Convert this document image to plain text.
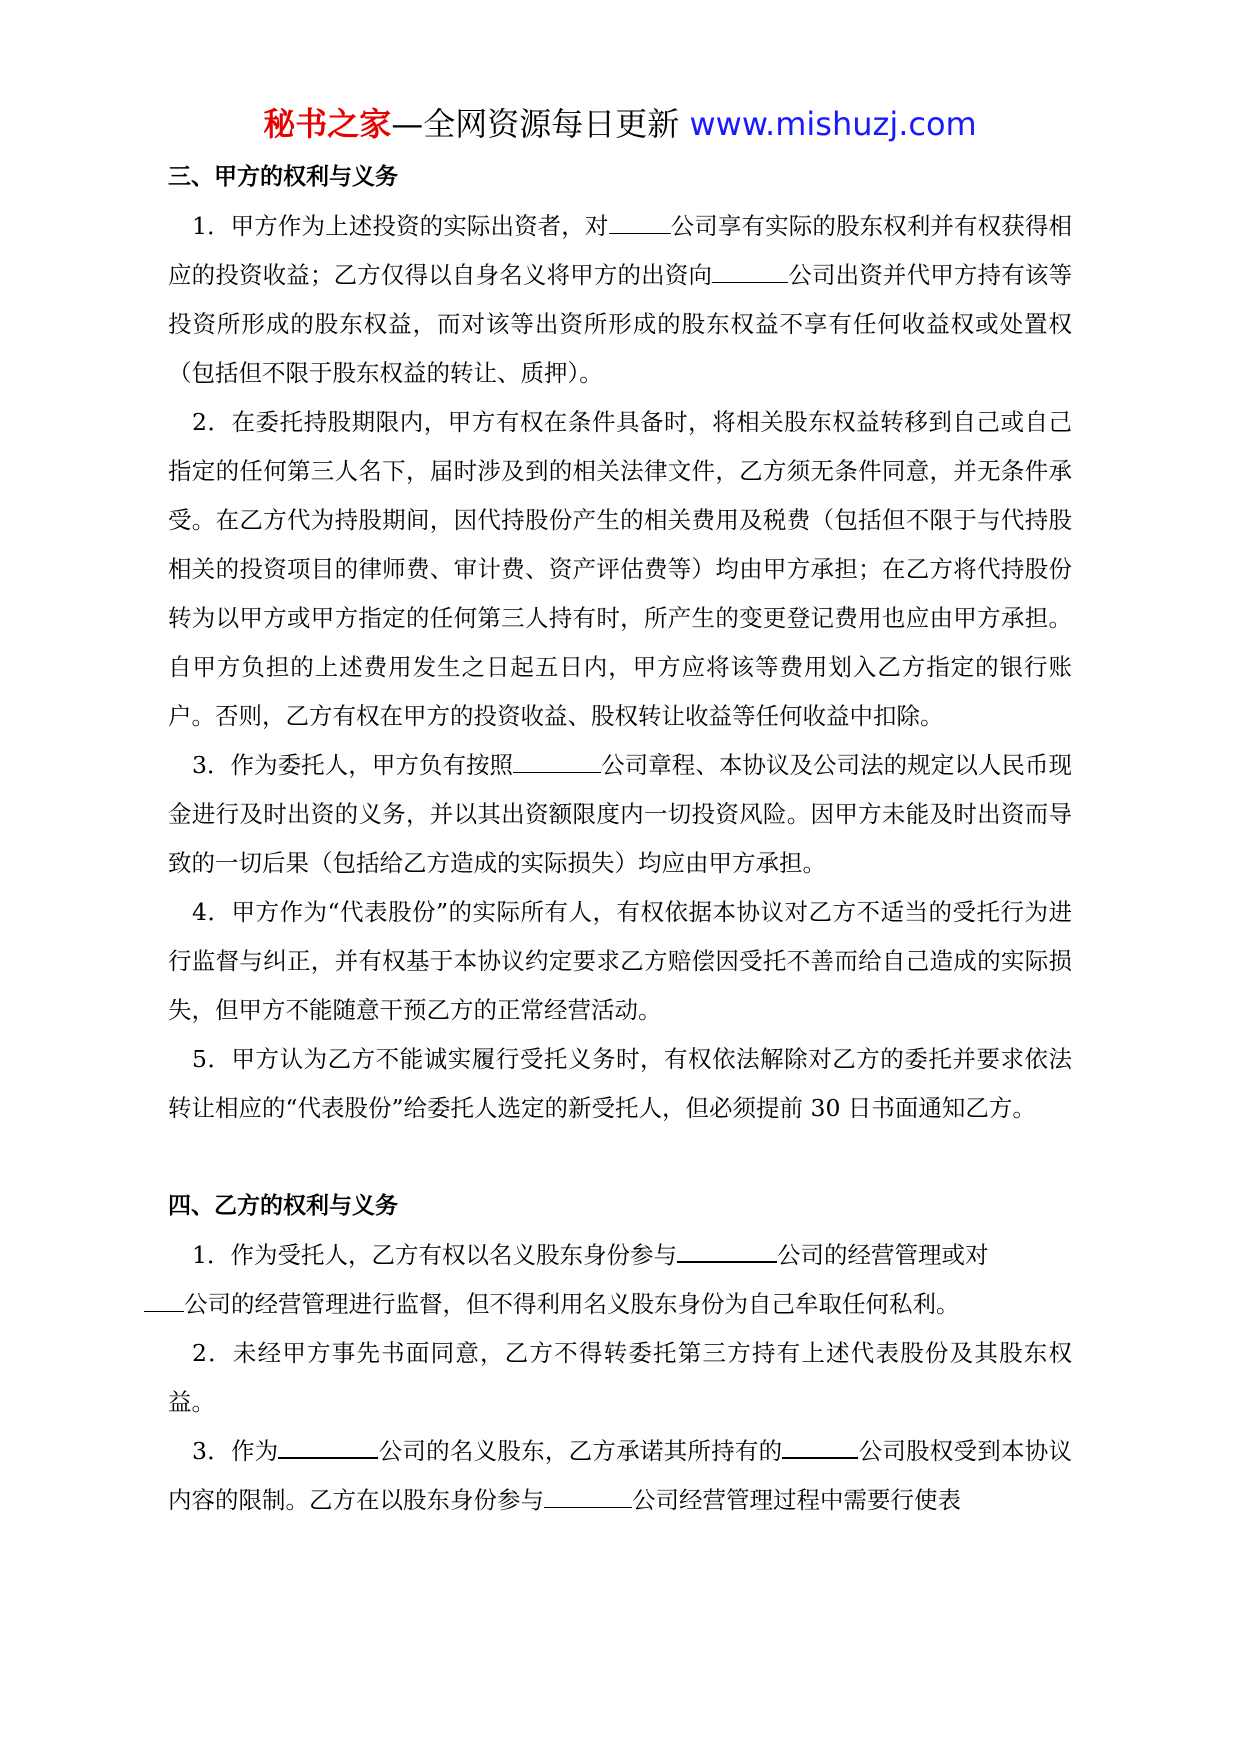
秘书之家—全网资源每日更新 www.mishuzj.com

三、甲方的权利与义务

1．甲方作为上述投资的实际出资者，对	公司享有实际的股东权利并有权获得相应的投资收益；乙方仅得以自身名义将甲方的出资向	公司出资并代甲方持有该等投资所形成的股东权益，而对该等出资所形成的股东权益不享有任何收益权或处置权（包括但不限于股东权益的转让、质押）。

2．在委托持股期限内，甲方有权在条件具备时，将相关股东权益转移到自己或自己指定的任何第三人名下，届时涉及到的相关法律文件，乙方须无条件同意，并无条件承受。在乙方代为持股期间，因代持股份产生的相关费用及税费（包括但不限于与代持股相关的投资项目的律师费、审计费、资产评估费等）均由甲方承担；在乙方将代持股份转为以甲方或甲方指定的任何第三人持有时，所产生的变更登记费用也应由甲方承担。自甲方负担的上述费用发生之日起五日内，甲方应将该等费用划入乙方指定的银行账户。否则，乙方有权在甲方的投资收益、股权转让收益等任何收益中扣除。

3．作为委托人，甲方负有按照	公司章程、本协议及公司法的规定以人民币现金进行及时出资的义务，并以其出资额限度内一切投资风险。因甲方未能及时出资而导致的一切后果（包括给乙方造成的实际损失）均应由甲方承担。

4．甲方作为“代表股份”的实际所有人，有权依据本协议对乙方不适当的受托行为进行监督与纠正，并有权基于本协议约定要求乙方赔偿因受托不善而给自己造成的实际损失，但甲方不能随意干预乙方的正常经营活动。

5．甲方认为乙方不能诚实履行受托义务时，有权依法解除对乙方的委托并要求依法转让相应的“代表股份”给委托人选定的新受托人，但必须提前 30 日书面通知乙方。

四、乙方的权利与义务

1．作为受托人，乙方有权以名义股东身份参与	公司的经营管理或对
公司的经营管理进行监督，但不得利用名义股东身份为自己牟取任何私利。

2．未经甲方事先书面同意，乙方不得转委托第三方持有上述代表股份及其股东权益。

3．作为	公司的名义股东，乙方承诺其所持有的	公司股权受到本协议内容的限制。乙方在以股东身份参与	公司经营管理过程中需要行使表
